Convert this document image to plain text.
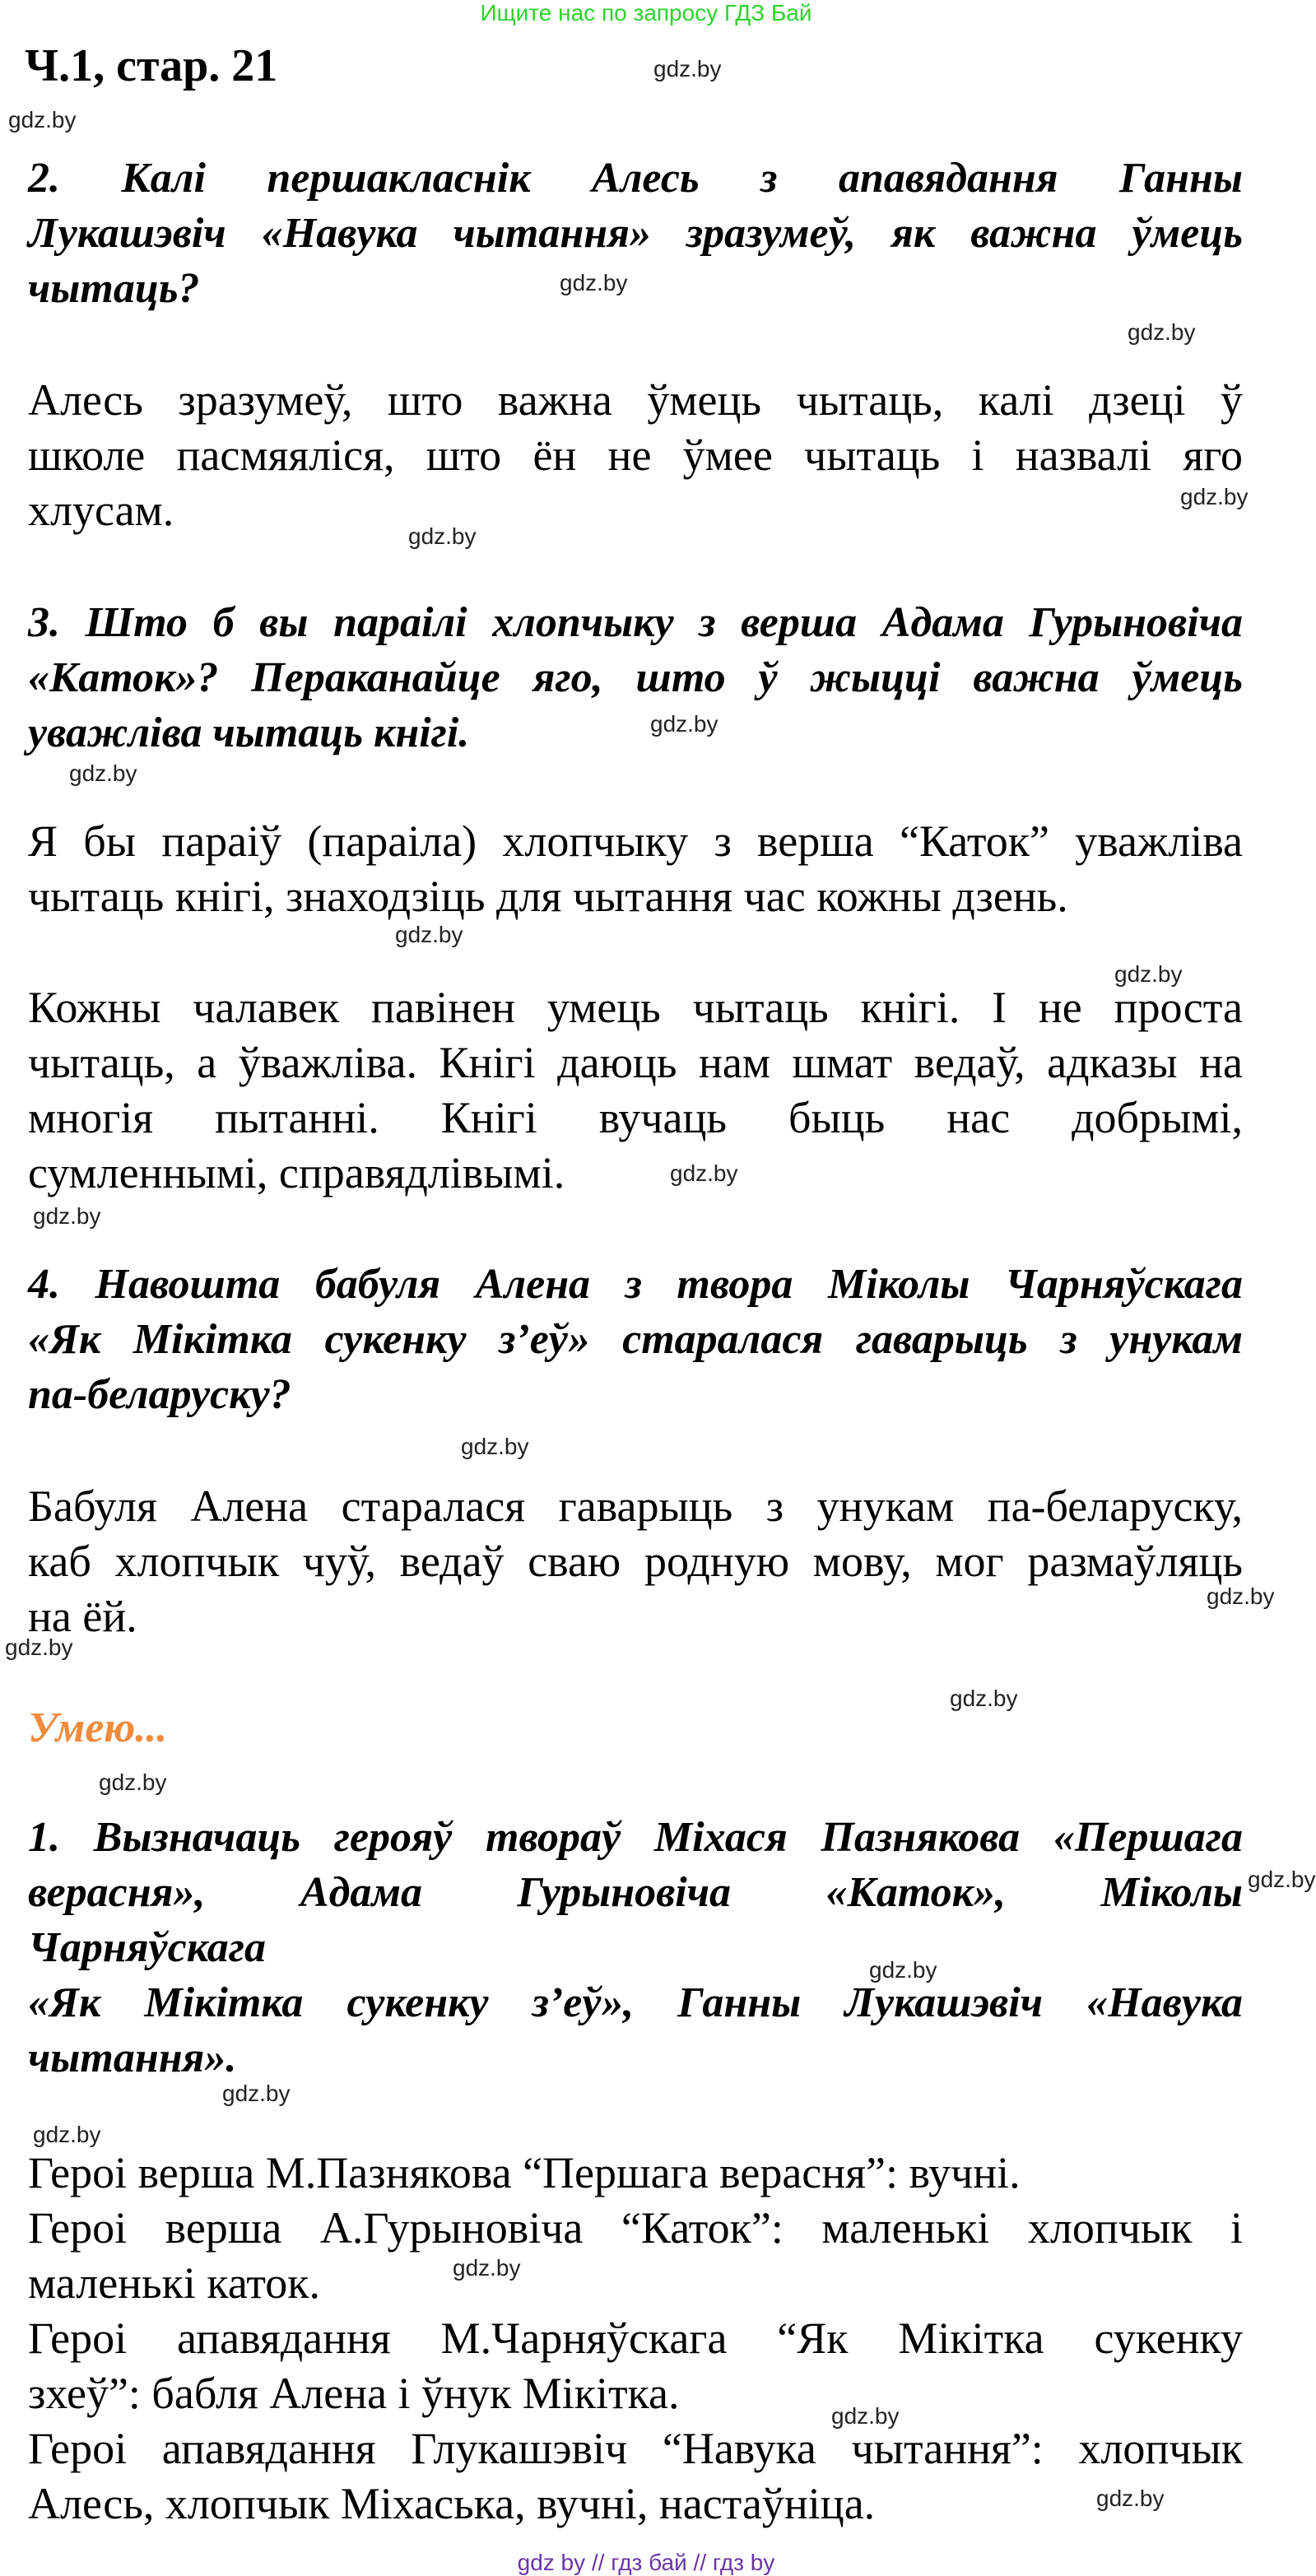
Ищите нас по запросу ГДЗ Бай
Ч.1, стар. 21
Умею...
gdz by // гдз бай // гдз by
2. Калі першакласнік Алесь з апавядання Ганны
Лукашэвіч «Навука чытання» зразумеў, як важна ўмець
чытаць?
Алесь зразумеў, што важна ўмець чытаць, калі дзеці ў
школе пасмяяліся, што ён не ўмее чытаць і назвалі яго
хлусам.
3. Што б вы параілі хлопчыку з верша Адама Гурыновіча
«Каток»? Пераканайце яго, што ў жыцці важна ўмець
уважліва чытаць кнігі.
Я бы параіў (параіла) хлопчыку з верша “Каток” уважліва
чытаць кнігі, знаходзіць для чытання час кожны дзень.
Кожны чалавек павінен умець чытаць кнігі. І не проста
чытаць, а ўважліва. Кнігі даюць нам шмат ведаў, адказы на
многія пытанні. Кнігі вучаць быць нас добрымі,
сумленнымі, справядлівымі.
4. Навошта бабуля Алена з твора Міколы Чарняўскага
«Як Мікітка сукенку з’еў» старалася гаварыць з унукам
па-беларуску?
Бабуля Алена старалася гаварыць з унукам па-беларуску,
каб хлопчык чуў, ведаў сваю родную мову, мог размаўляць
на ёй.
1. Вызначаць герояў твораў Міхася Пазнякова «Першага
верасня», Адама Гурыновіча «Каток», Міколы
Чарняўскага
«Як Мікітка сукенку з’еў», Ганны Лукашэвіч «Навука
чытання».
Героі верша М.Пазнякова “Першага верасня”: вучні.
Героі верша А.Гурыновіча “Каток”: маленькі хлопчык і
маленькі каток.
Героі апавядання М.Чарняўскага “Як Мікітка сукенку
зхеў”: бабля Алена і ўнук Мікітка.
Героі апавядання Глукашэвіч “Навука чытання”: хлопчык
Алесь, хлопчык Міхаська, вучні, настаўніца.
gdz.by
gdz.by
gdz.by
gdz.by
gdz.by
gdz.by
gdz.by
gdz.by
gdz.by
gdz.by
gdz.by
gdz.by
gdz.by
gdz.by
gdz.by
gdz.by
gdz.by
gdz.by
gdz.by
gdz.by
gdz.by
gdz.by
gdz.by
gdz.by
